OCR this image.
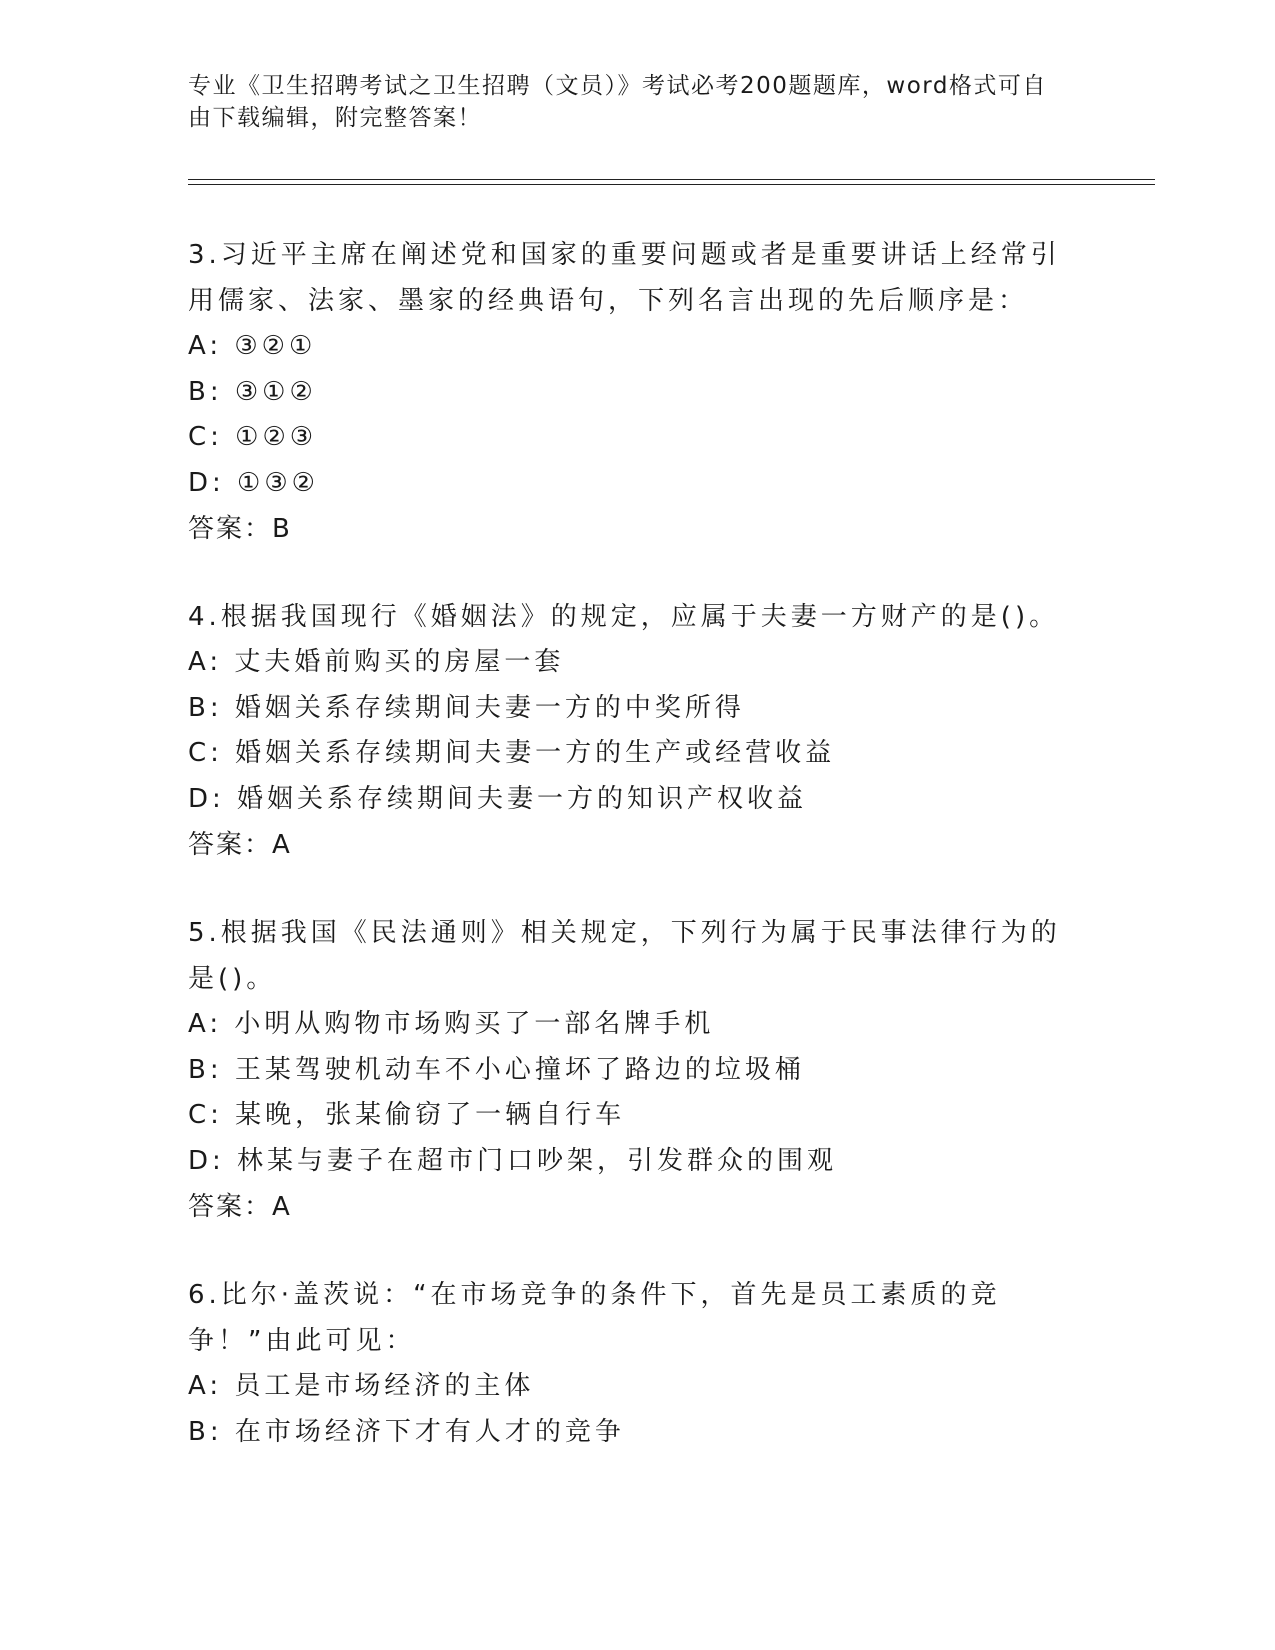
专业《卫生招聘考试之卫生招聘（文员）》考试必考200题题库，word格式可自由下载编辑，附完整答案！
3.习近平主席在阐述党和国家的重要问题或者是重要讲话上经常引用儒家、法家、墨家的经典语句，下列名言出现的先后顺序是：
A: ③②①
B: ③①②
C: ①②③
D: ①③②
答案：B
4.根据我国现行《婚姻法》的规定，应属于夫妻一方财产的是()。
A: 丈夫婚前购买的房屋一套
B: 婚姻关系存续期间夫妻一方的中奖所得
C: 婚姻关系存续期间夫妻一方的生产或经营收益
D: 婚姻关系存续期间夫妻一方的知识产权收益
答案：A
5.根据我国《民法通则》相关规定，下列行为属于民事法律行为的是()。
A: 小明从购物市场购买了一部名牌手机
B: 王某驾驶机动车不小心撞坏了路边的垃圾桶
C: 某晚，张某偷窃了一辆自行车
D: 林某与妻子在超市门口吵架，引发群众的围观
答案：A
6.比尔·盖茨说：“在市场竞争的条件下，首先是员工素质的竞争！”由此可见：
A: 员工是市场经济的主体
B: 在市场经济下才有人才的竞争
